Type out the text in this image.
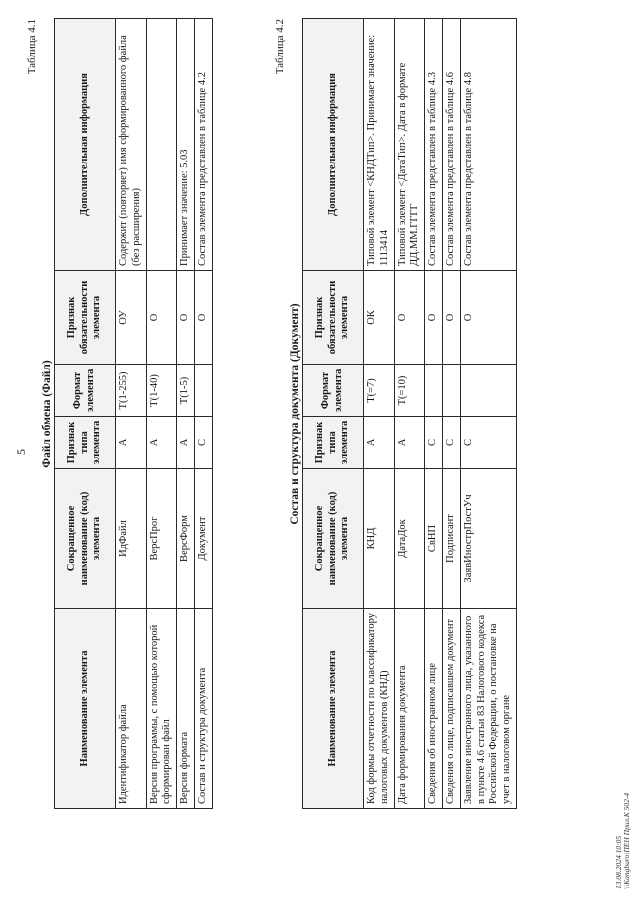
5
Таблица 4.1
Файл обмена (Файл)
Наименование элемента	Сокращенное наименование (код) элемента	Признак типа элемента	Формат элемента	Признак обязательности элемента	Дополнительная информация
Идентификатор файла	ИдФайл	А	T(1-255)	ОУ	Содержит (повторяет) имя сформированного файла (без расширения)
Версия программы, с помощью которой сформирован файл	ВерсПрог	А	T(1-40)	О	
Версия формата	ВерсФорм	А	T(1-5)	О	Принимает значение: 5.03
Состав и структура документа	Документ	С		О	Состав элемента представлен в таблице 4.2
Таблица 4.2
Состав и структура документа (Документ)
Наименование элемента	Сокращенное наименование (код) элемента	Признак типа элемента	Формат элемента	Признак обязательности элемента	Дополнительная информация
Код формы отчетности по классификатору налоговых документов (КНД)	КНД	А	T(=7)	ОК	Типовой элемент <КНДТип>. Принимает значение: 1113414
Дата формирования документа	ДатаДок	А	T(=10)	О	Типовой элемент <ДатаТип>. Дата в формате ДД.ММ.ГГГГ
Сведения об иностранном лице	СвНП	С		О	Состав элемента представлен в таблице 4.3
Сведения о лице, подписавшем документ	Подписант	С		О	Состав элемента представлен в таблице 4.6
Заявление иностранного лица, указанного в пункте 4.6 статьи 83 Налогового кодекса Российской Федерации, о постановке на учет в налоговом органе	ЗаявИнострПостУч	С		О	Состав элемента представлен в таблице 4.8
13.08.2024 10:05 \\Kangburo\ПЕН Прил.К 502-4
